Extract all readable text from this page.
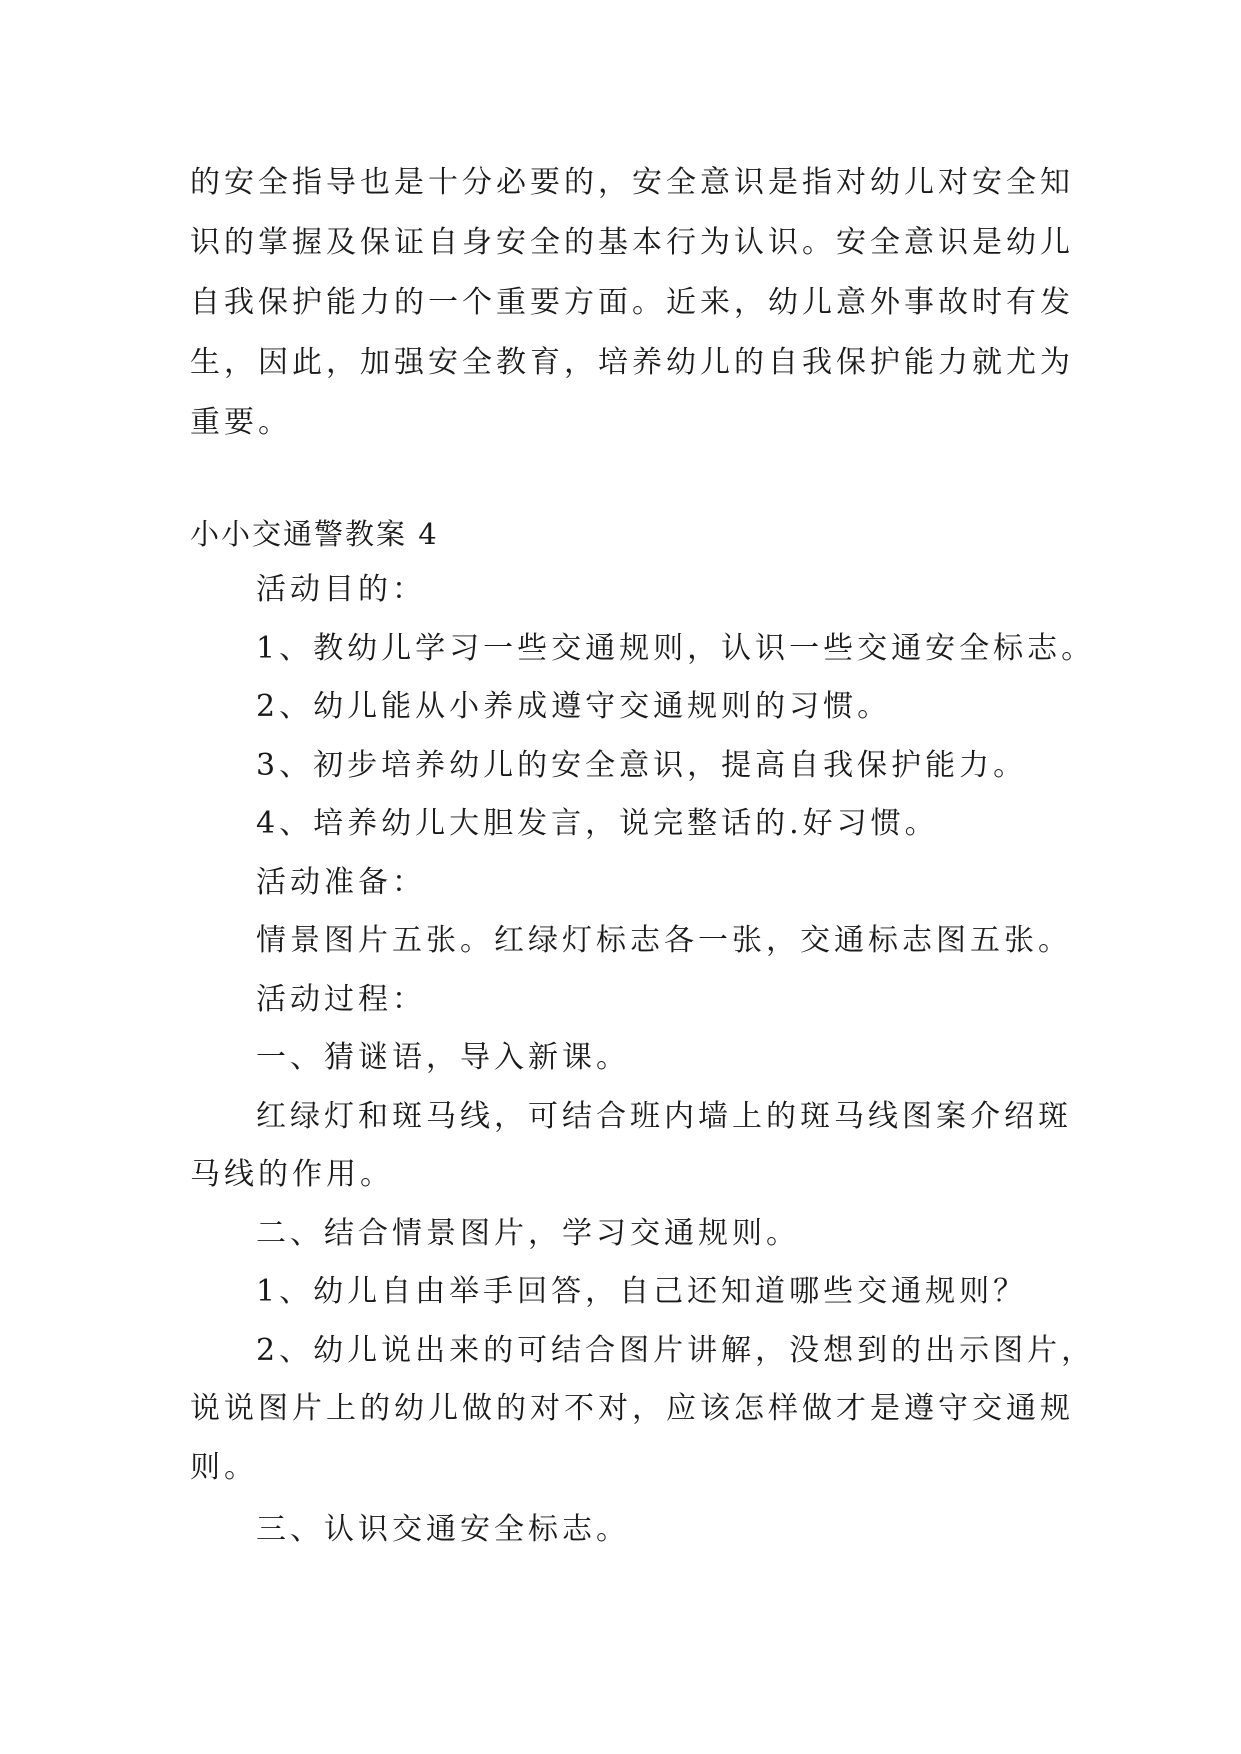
的安全指导也是十分必要的，安全意识是指对幼儿对安全知
识的掌握及保证自身安全的基本行为认识。安全意识是幼儿
自我保护能力的一个重要方面。近来，幼儿意外事故时有发
生，因此，加强安全教育，培养幼儿的自我保护能力就尤为
重要。
小小交通警教案 4
活动目的：
1、教幼儿学习一些交通规则，认识一些交通安全标志。
2、幼儿能从小养成遵守交通规则的习惯。
3、初步培养幼儿的安全意识，提高自我保护能力。
4、培养幼儿大胆发言，说完整话的.好习惯。
活动准备：
情景图片五张。红绿灯标志各一张，交通标志图五张。
活动过程：
一、猜谜语，导入新课。
红绿灯和斑马线，可结合班内墙上的斑马线图案介绍斑
马线的作用。
二、结合情景图片，学习交通规则。
1、幼儿自由举手回答，自己还知道哪些交通规则？
2、幼儿说出来的可结合图片讲解，没想到的出示图片，
说说图片上的幼儿做的对不对，应该怎样做才是遵守交通规
则。
三、认识交通安全标志。
